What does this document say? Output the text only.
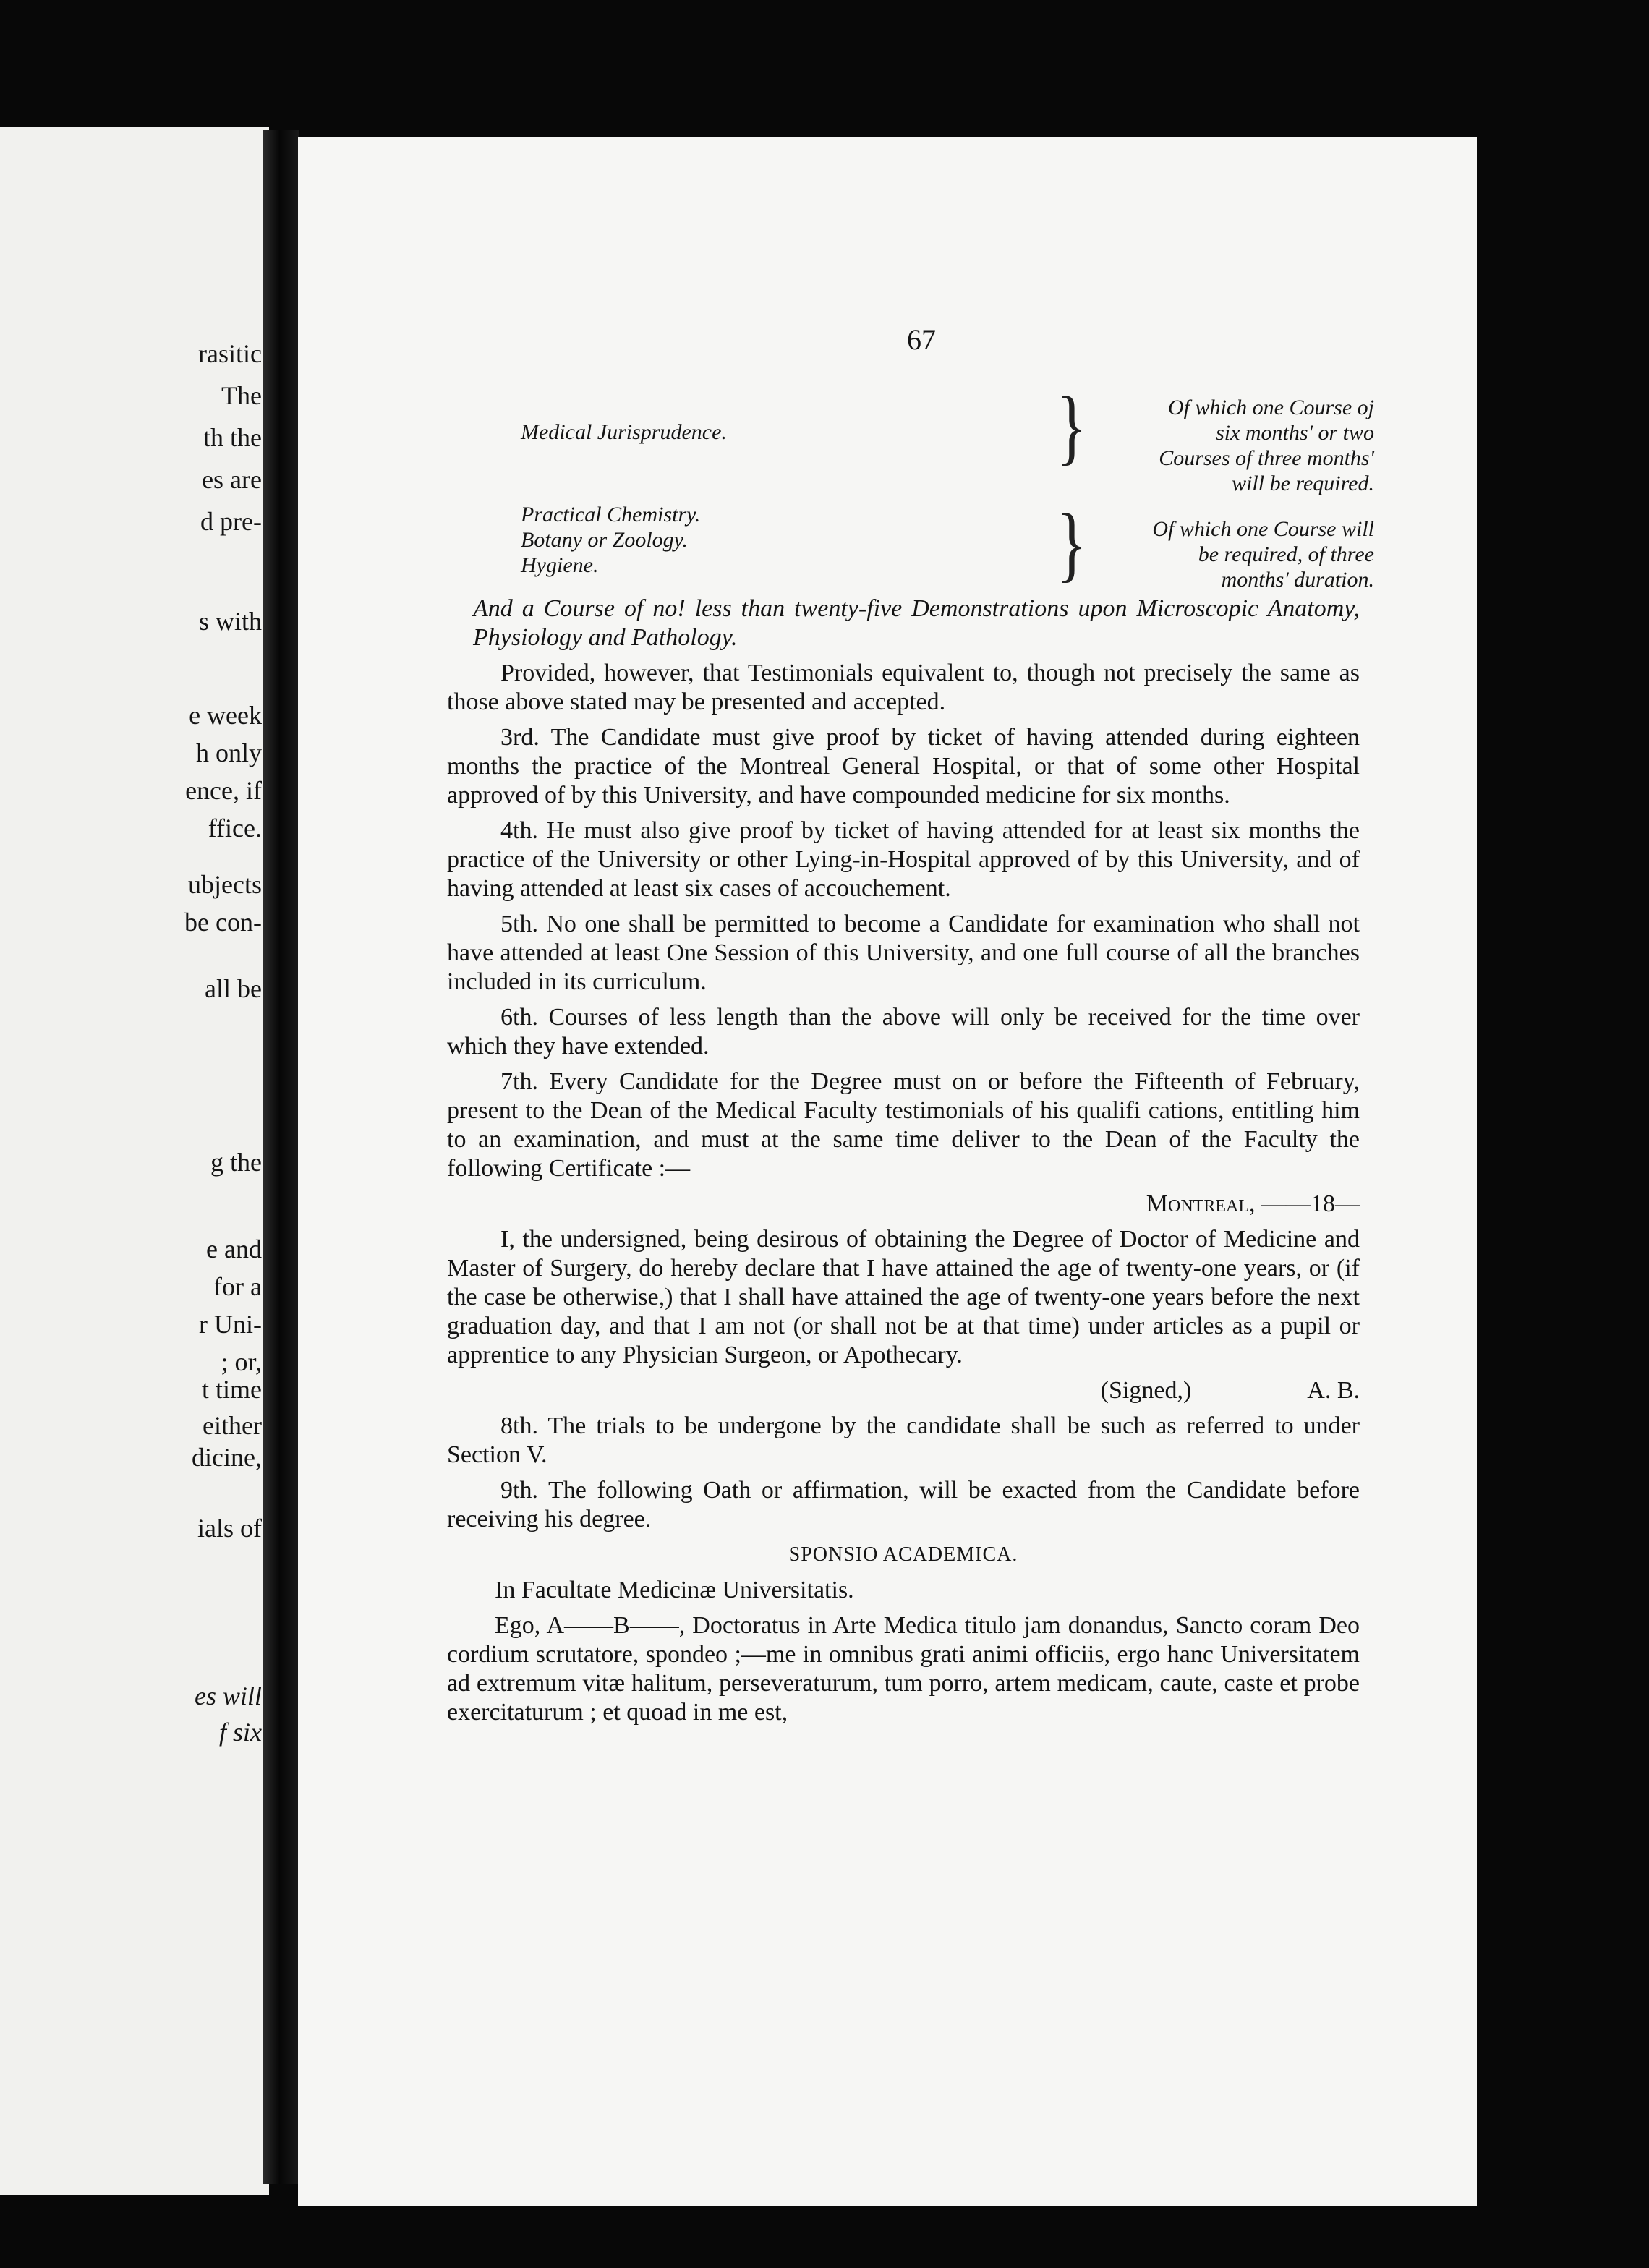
rasitic
The
th the
es are
d pre-
s with
e week
h only
ence, if
ffice.
ubjects
be con-
all be
g the
e and
for a
r Uni-
; or,
t time
either
dicine,
ials of
es will
f six
67
Medical Jurisprudence.	}	Of which one Course oj
six months' or two
Courses of three months'
will be required.
Practical Chemistry.
Botany or Zoology.
Hygiene.	}	Of which one Course will
be required, of three
months' duration.

And a Course of no! less than twenty-five Demonstrations upon Microscopic Anatomy, Physiology and Pathology.

Provided, however, that Testimonials equivalent to, though not precisely the same as those above stated may be presented and accepted.

3rd. The Candidate must give proof by ticket of having attended during eighteen months the practice of the Montreal General Hospital, or that of some other Hospital approved of by this University, and have compounded medicine for six months.

4th. He must also give proof by ticket of having attended for at least six months the practice of the University or other Lying-in-Hospital approved of by this University, and of having attended at least six cases of accouchement.

5th. No one shall be permitted to become a Candidate for examination who shall not have attended at least One Session of this University, and one full course of all the branches included in its curriculum.

6th. Courses of less length than the above will only be received for the time over which they have extended.

7th. Every Candidate for the Degree must on or before the Fifteenth of February, present to the Dean of the Medical Faculty testimonials of his qualifi cations, entitling him to an examination, and must at the same time deliver to the Dean of the Faculty the following Certificate :—

Montreal, ——18—

I, the undersigned, being desirous of obtaining the Degree of Doctor of Medicine and Master of Surgery, do hereby declare that I have attained the age of twenty-one years, or (if the case be otherwise,) that I shall have attained the age of twenty-one years before the next graduation day, and that I am not (or shall not be at that time) under articles as a pupil or apprentice to any Physician Surgeon, or Apothecary.

(Signed,)	A. B.

8th. The trials to be undergone by the candidate shall be such as referred to under Section V.

9th. The following Oath or affirmation, will be exacted from the Candidate before receiving his degree.

SPONSIO ACADEMICA.

In Facultate Medicinæ Universitatis.

Ego, A——B——, Doctoratus in Arte Medica titulo jam donandus, Sancto coram Deo cordium scrutatore, spondeo ;—me in omnibus grati animi officiis, ergo hanc Universitatem ad extremum vitæ halitum, perseveraturum, tum porro, artem medicam, caute, caste et probe exercitaturum ; et quoad in me est,
